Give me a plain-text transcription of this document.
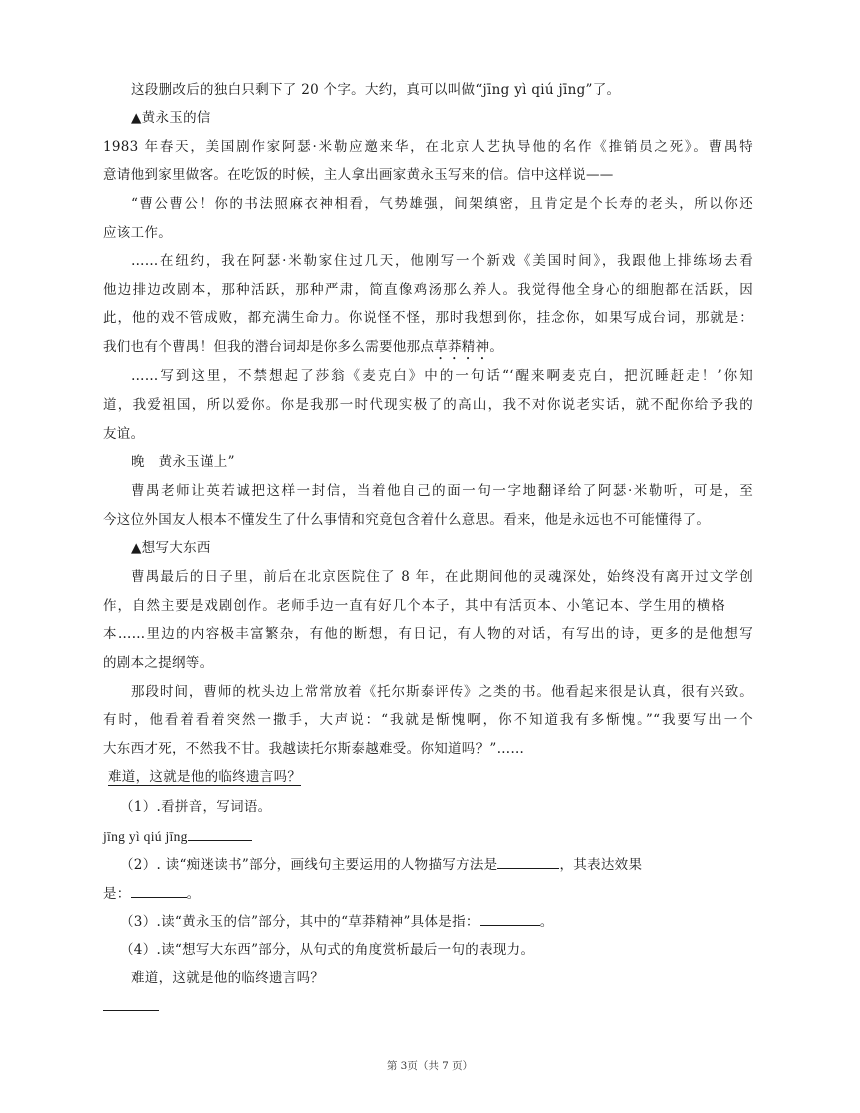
这段删改后的独白只剩下了 20 个字。大约，真可以叫做“jīng yì qiú jīng”了。
▲黄永玉的信
1983 年春天，美国剧作家阿瑟·米勒应邀来华，在北京人艺执导他的名作《推销员之死》。曹禺特
意请他到家里做客。在吃饭的时候，主人拿出画家黄永玉写来的信。信中这样说——
“曹公曹公！你的书法照麻衣神相看，气势雄强，间架缜密，且肯定是个长寿的老头，所以你还
应该工作。
……在纽约，我在阿瑟·米勒家住过几天，他刚写一个新戏《美国时间》，我跟他上排练场去看
他边排边改剧本，那种活跃，那种严肃，简直像鸡汤那么养人。我觉得他全身心的细胞都在活跃，因
此，他的戏不管成败，都充满生命力。你说怪不怪，那时我想到你，挂念你，如果写成台词，那就是：
我们也有个曹禺！但我的潜台词却是你多么需要他那点草莽精神。
……写到这里，不禁想起了莎翁《麦克白》中的一句话“‘醒来啊麦克白，把沉睡赶走！’你知
道，我爱祖国，所以爱你。你是我那一时代现实极了的高山，我不对你说老实话，就不配你给予我的
友谊。
晚   黄永玉谨上”
曹禺老师让英若诚把这样一封信，当着他自己的面一句一字地翻译给了阿瑟·米勒听，可是，至
今这位外国友人根本不懂发生了什么事情和究竟包含着什么意思。看来，他是永远也不可能懂得了。
▲想写大东西
曹禺最后的日子里，前后在北京医院住了 8 年，在此期间他的灵魂深处，始终没有离开过文学创
作，自然主要是戏剧创作。老师手边一直有好几个本子，其中有活页本、小笔记本、学生用的横格
本……里边的内容极丰富繁杂，有他的断想，有日记，有人物的对话，有写出的诗，更多的是他想写
的剧本之提纲等。
那段时间，曹师的枕头边上常常放着《托尔斯泰评传》之类的书。他看起来很是认真，很有兴致。
有时，他看着看着突然一撒手，大声说：“我就是惭愧啊，你不知道我有多惭愧。”“我要写出一个
大东西才死，不然我不甘。我越读托尔斯泰越难受。你知道吗？”……
难道，这就是他的临终遗言吗？
（1）.看拼音，写词语。
jīng yì qiú jīng
（2）. 读“痴迷读书”部分，画线句主要运用的人物描写方法是	，其表达效果
是：	。
（3）.读“黄永玉的信”部分，其中的“草莽精神”具体是指：	。
（4）.读“想写大东西”部分，从句式的角度赏析最后一句的表现力。
难道，这就是他的临终遗言吗？
第 3页（共 7 页）
